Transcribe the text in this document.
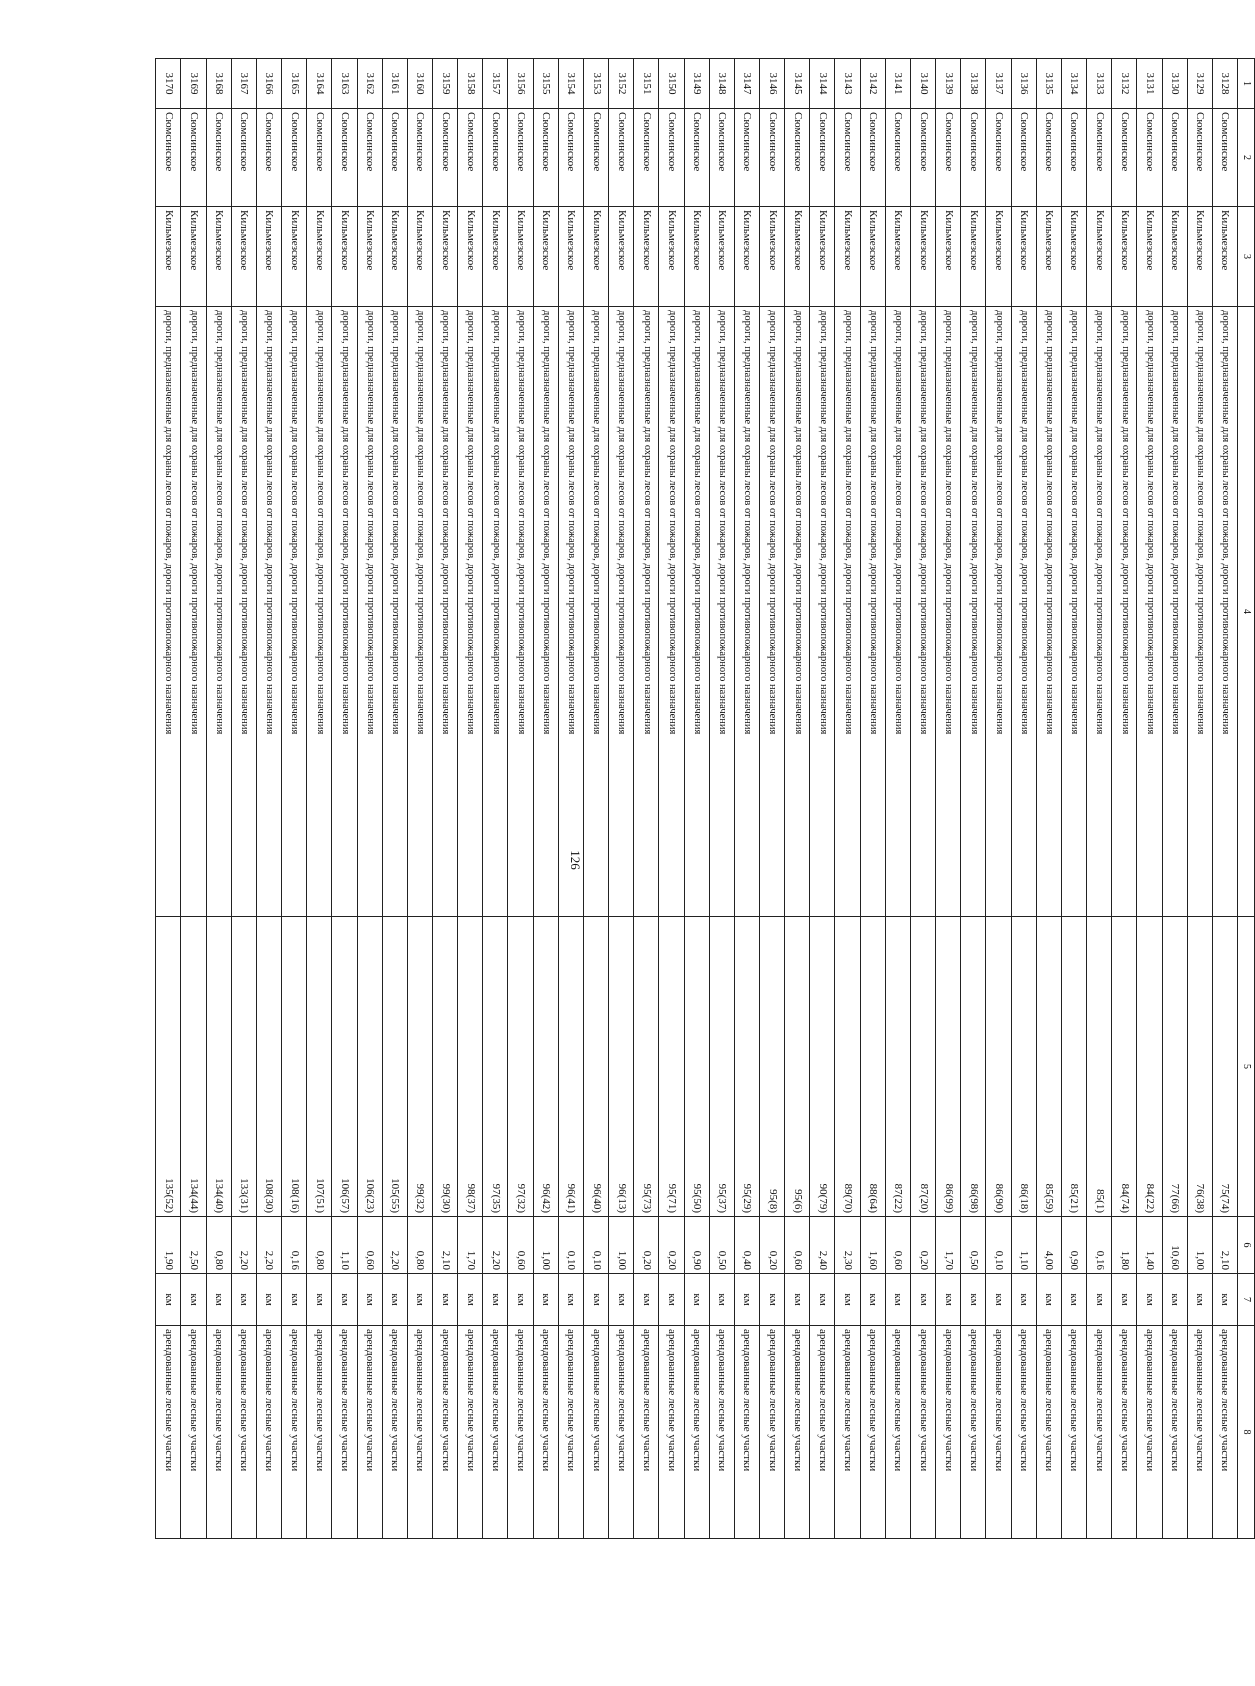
126
1	2	3	4	5	6	7	8
3128	Сюмсинское	Кильмезское	дороги, предназначенные для охраны лесов от пожаров, дороги противопожарного назначения	75(74)	2,10	км	арендованные лесные участки
3129	Сюмсинское	Кильмезское	дороги, предназначенные для охраны лесов от пожаров, дороги противопожарного назначения	76(38)	1,00	км	арендованные лесные участки
3130	Сюмсинское	Кильмезское	дороги, предназначенные для охраны лесов от пожаров, дороги противопожарного назначения	77(66)	10,60	км	арендованные лесные участки
3131	Сюмсинское	Кильмезское	дороги, предназначенные для охраны лесов от пожаров, дороги противопожарного назначения	84(22)	1,40	км	арендованные лесные участки
3132	Сюмсинское	Кильмезское	дороги, предназначенные для охраны лесов от пожаров, дороги противопожарного назначения	84(74)	1,80	км	арендованные лесные участки
3133	Сюмсинское	Кильмезское	дороги, предназначенные для охраны лесов от пожаров, дороги противопожарного назначения	85(1)	0,16	км	арендованные лесные участки
3134	Сюмсинское	Кильмезское	дороги, предназначенные для охраны лесов от пожаров, дороги противопожарного назначения	85(21)	0,90	км	арендованные лесные участки
3135	Сюмсинское	Кильмезское	дороги, предназначенные для охраны лесов от пожаров, дороги противопожарного назначения	85(59)	4,00	км	арендованные лесные участки
3136	Сюмсинское	Кильмезское	дороги, предназначенные для охраны лесов от пожаров, дороги противопожарного назначения	86(18)	1,10	км	арендованные лесные участки
3137	Сюмсинское	Кильмезское	дороги, предназначенные для охраны лесов от пожаров, дороги противопожарного назначения	86(90)	0,10	км	арендованные лесные участки
3138	Сюмсинское	Кильмезское	дороги, предназначенные для охраны лесов от пожаров, дороги противопожарного назначения	86(98)	0,50	км	арендованные лесные участки
3139	Сюмсинское	Кильмезское	дороги, предназначенные для охраны лесов от пожаров, дороги противопожарного назначения	86(99)	1,70	км	арендованные лесные участки
3140	Сюмсинское	Кильмезское	дороги, предназначенные для охраны лесов от пожаров, дороги противопожарного назначения	87(20)	0,20	км	арендованные лесные участки
3141	Сюмсинское	Кильмезское	дороги, предназначенные для охраны лесов от пожаров, дороги противопожарного назначения	87(22)	0,60	км	арендованные лесные участки
3142	Сюмсинское	Кильмезское	дороги, предназначенные для охраны лесов от пожаров, дороги противопожарного назначения	88(64)	1,60	км	арендованные лесные участки
3143	Сюмсинское	Кильмезское	дороги, предназначенные для охраны лесов от пожаров, дороги противопожарного назначения	89(70)	2,30	км	арендованные лесные участки
3144	Сюмсинское	Кильмезское	дороги, предназначенные для охраны лесов от пожаров, дороги противопожарного назначения	90(79)	2,40	км	арендованные лесные участки
3145	Сюмсинское	Кильмезское	дороги, предназначенные для охраны лесов от пожаров, дороги противопожарного назначения	95(6)	0,60	км	арендованные лесные участки
3146	Сюмсинское	Кильмезское	дороги, предназначенные для охраны лесов от пожаров, дороги противопожарного назначения	95(8)	0,20	км	арендованные лесные участки
3147	Сюмсинское	Кильмезское	дороги, предназначенные для охраны лесов от пожаров, дороги противопожарного назначения	95(29)	0,40	км	арендованные лесные участки
3148	Сюмсинское	Кильмезское	дороги, предназначенные для охраны лесов от пожаров, дороги противопожарного назначения	95(37)	0,50	км	арендованные лесные участки
3149	Сюмсинское	Кильмезское	дороги, предназначенные для охраны лесов от пожаров, дороги противопожарного назначения	95(50)	0,90	км	арендованные лесные участки
3150	Сюмсинское	Кильмезское	дороги, предназначенные для охраны лесов от пожаров, дороги противопожарного назначения	95(71)	0,20	км	арендованные лесные участки
3151	Сюмсинское	Кильмезское	дороги, предназначенные для охраны лесов от пожаров, дороги противопожарного назначения	95(73)	0,20	км	арендованные лесные участки
3152	Сюмсинское	Кильмезское	дороги, предназначенные для охраны лесов от пожаров, дороги противопожарного назначения	96(13)	1,00	км	арендованные лесные участки
3153	Сюмсинское	Кильмезское	дороги, предназначенные для охраны лесов от пожаров, дороги противопожарного назначения	96(40)	0,10	км	арендованные лесные участки
3154	Сюмсинское	Кильмезское	дороги, предназначенные для охраны лесов от пожаров, дороги противопожарного назначения	96(41)	0,10	км	арендованные лесные участки
3155	Сюмсинское	Кильмезское	дороги, предназначенные для охраны лесов от пожаров, дороги противопожарного назначения	96(42)	1,00	км	арендованные лесные участки
3156	Сюмсинское	Кильмезское	дороги, предназначенные для охраны лесов от пожаров, дороги противопожарного назначения	97(32)	0,60	км	арендованные лесные участки
3157	Сюмсинское	Кильмезское	дороги, предназначенные для охраны лесов от пожаров, дороги противопожарного назначения	97(35)	2,20	км	арендованные лесные участки
3158	Сюмсинское	Кильмезское	дороги, предназначенные для охраны лесов от пожаров, дороги противопожарного назначения	98(37)	1,70	км	арендованные лесные участки
3159	Сюмсинское	Кильмезское	дороги, предназначенные для охраны лесов от пожаров, дороги противопожарного назначения	99(30)	2,10	км	арендованные лесные участки
3160	Сюмсинское	Кильмезское	дороги, предназначенные для охраны лесов от пожаров, дороги противопожарного назначения	99(32)	0,80	км	арендованные лесные участки
3161	Сюмсинское	Кильмезское	дороги, предназначенные для охраны лесов от пожаров, дороги противопожарного назначения	105(55)	2,20	км	арендованные лесные участки
3162	Сюмсинское	Кильмезское	дороги, предназначенные для охраны лесов от пожаров, дороги противопожарного назначения	106(23)	0,60	км	арендованные лесные участки
3163	Сюмсинское	Кильмезское	дороги, предназначенные для охраны лесов от пожаров, дороги противопожарного назначения	106(57)	1,10	км	арендованные лесные участки
3164	Сюмсинское	Кильмезское	дороги, предназначенные для охраны лесов от пожаров, дороги противопожарного назначения	107(51)	0,80	км	арендованные лесные участки
3165	Сюмсинское	Кильмезское	дороги, предназначенные для охраны лесов от пожаров, дороги противопожарного назначения	108(16)	0,16	км	арендованные лесные участки
3166	Сюмсинское	Кильмезское	дороги, предназначенные для охраны лесов от пожаров, дороги противопожарного назначения	108(30)	2,20	км	арендованные лесные участки
3167	Сюмсинское	Кильмезское	дороги, предназначенные для охраны лесов от пожаров, дороги противопожарного назначения	133(31)	2,20	км	арендованные лесные участки
3168	Сюмсинское	Кильмезское	дороги, предназначенные для охраны лесов от пожаров, дороги противопожарного назначения	134(40)	0,80	км	арендованные лесные участки
3169	Сюмсинское	Кильмезское	дороги, предназначенные для охраны лесов от пожаров, дороги противопожарного назначения	134(44)	2,50	км	арендованные лесные участки
3170	Сюмсинское	Кильмезское	дороги, предназначенные для охраны лесов от пожаров, дороги противопожарного назначения	135(52)	1,90	км	арендованные лесные участки
